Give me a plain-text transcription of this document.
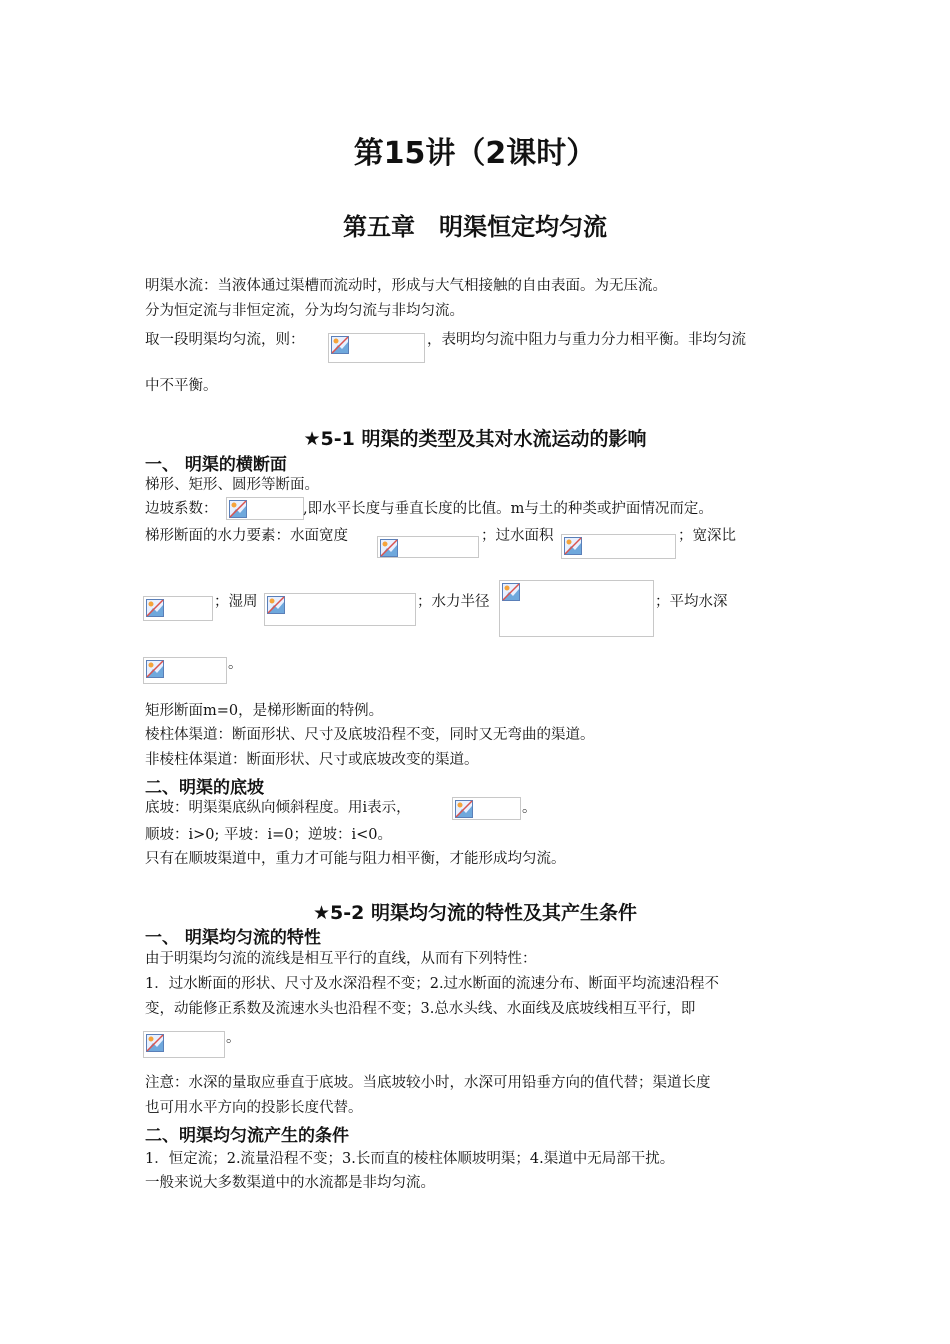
第15讲（2课时）
第五章　明渠恒定均匀流
明渠水流：当液体通过渠槽而流动时，形成与大气相接触的自由表面。为无压流。
分为恒定流与非恒定流，分为均匀流与非均匀流。
取一段明渠均匀流，则：	，表明均匀流中阻力与重力分力相平衡。非均匀流
中不平衡。
★5-1 明渠的类型及其对水流运动的影响
一、 明渠的横断面
梯形、矩形、圆形等断面。
边坡系数：	,即水平长度与垂直长度的比值。m与土的种类或护面情况而定。
梯形断面的水力要素：水面宽度	；过水面积	；宽深比
；湿周	；水力半径	；平均水深
。
矩形断面m=0，是梯形断面的特例。
棱柱体渠道：断面形状、尺寸及底坡沿程不变，同时又无弯曲的渠道。
非棱柱体渠道：断面形状、尺寸或底坡改变的渠道。
二、明渠的底坡
底坡：明渠渠底纵向倾斜程度。用i表示，	。
顺坡：i>0; 平坡：i=0；逆坡：i<0。
只有在顺坡渠道中，重力才可能与阻力相平衡，才能形成均匀流。
★5-2 明渠均匀流的特性及其产生条件
一、 明渠均匀流的特性
由于明渠均匀流的流线是相互平行的直线，从而有下列特性：
1．过水断面的形状、尺寸及水深沿程不变；2.过水断面的流速分布、断面平均流速沿程不
变，动能修正系数及流速水头也沿程不变；3.总水头线、水面线及底坡线相互平行，即
。
注意：水深的量取应垂直于底坡。当底坡较小时，水深可用铅垂方向的值代替；渠道长度
也可用水平方向的投影长度代替。
二、明渠均匀流产生的条件
1．恒定流；2.流量沿程不变；3.长而直的棱柱体顺坡明渠；4.渠道中无局部干扰。
一般来说大多数渠道中的水流都是非均匀流。
